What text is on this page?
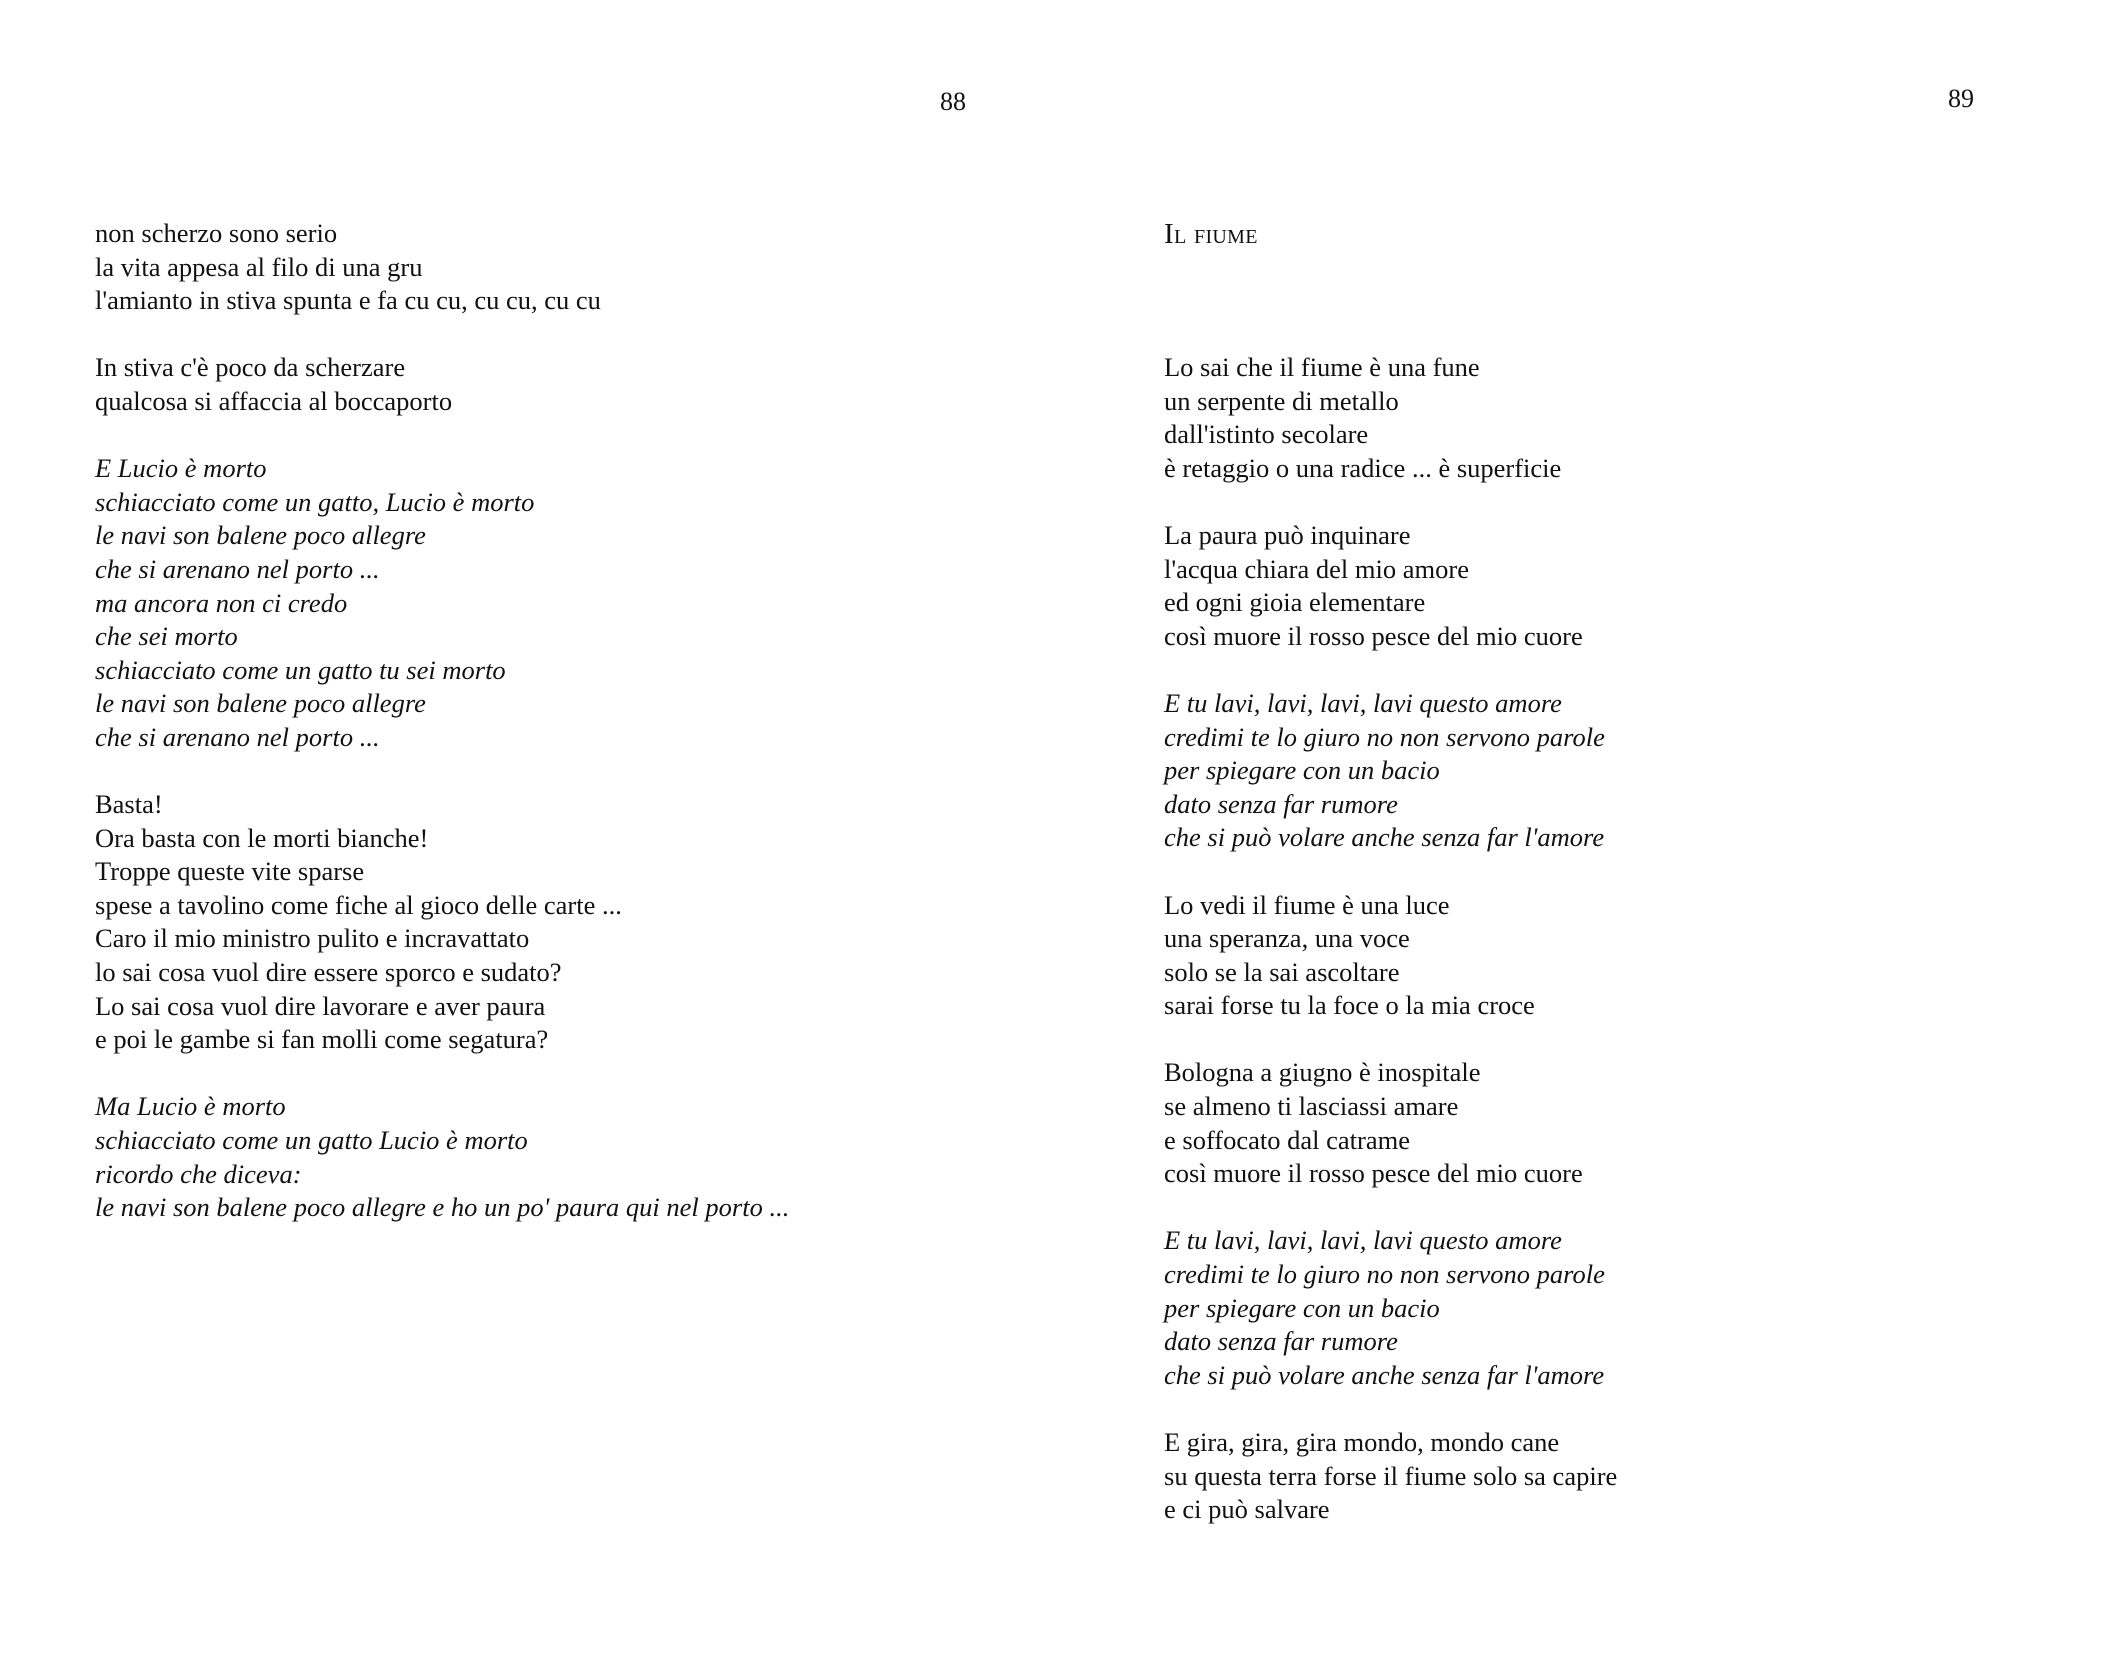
88
non scherzo sono serio
la vita appesa al filo di una gru
l'amianto in stiva spunta e fa cu cu, cu cu, cu cu
In stiva c'è poco da scherzare
qualcosa si affaccia al boccaporto
E Lucio è morto
schiacciato come un gatto, Lucio è morto
le navi son balene poco allegre
che si arenano nel porto ...
ma ancora non ci credo
che sei morto
schiacciato come un gatto tu sei morto
le navi son balene poco allegre
che si arenano nel porto ...
Basta!
Ora basta con le morti bianche!
Troppe queste vite sparse
spese a tavolino come fiche al gioco delle carte ...
Caro il mio ministro pulito e incravattato
lo sai cosa vuol dire essere sporco e sudato?
Lo sai cosa vuol dire lavorare e aver paura
e poi le gambe si fan molli come segatura?
Ma Lucio è morto
schiacciato come un gatto Lucio è morto
ricordo che diceva:
le navi son balene poco allegre e ho un po' paura qui nel porto ...
89
Il fiume
Lo sai che il fiume è una fune
un serpente di metallo
dall'istinto secolare
è retaggio o una radice ... è superficie
La paura può inquinare
l'acqua chiara del mio amore
ed ogni gioia elementare
così muore il rosso pesce del mio cuore
E tu lavi, lavi, lavi, lavi questo amore
credimi te lo giuro no non servono parole
per spiegare con un bacio
dato senza far rumore
che si può volare anche senza far l'amore
Lo vedi il fiume è una luce
una speranza, una voce
solo se la sai ascoltare
sarai forse tu la foce o la mia croce
Bologna a giugno è inospitale
se almeno ti lasciassi amare
e soffocato dal catrame
così muore il rosso pesce del mio cuore
E tu lavi, lavi, lavi, lavi questo amore
credimi te lo giuro no non servono parole
per spiegare con un bacio
dato senza far rumore
che si può volare anche senza far l'amore
E gira, gira, gira mondo, mondo cane
su questa terra forse il fiume solo sa capire
e ci può salvare
